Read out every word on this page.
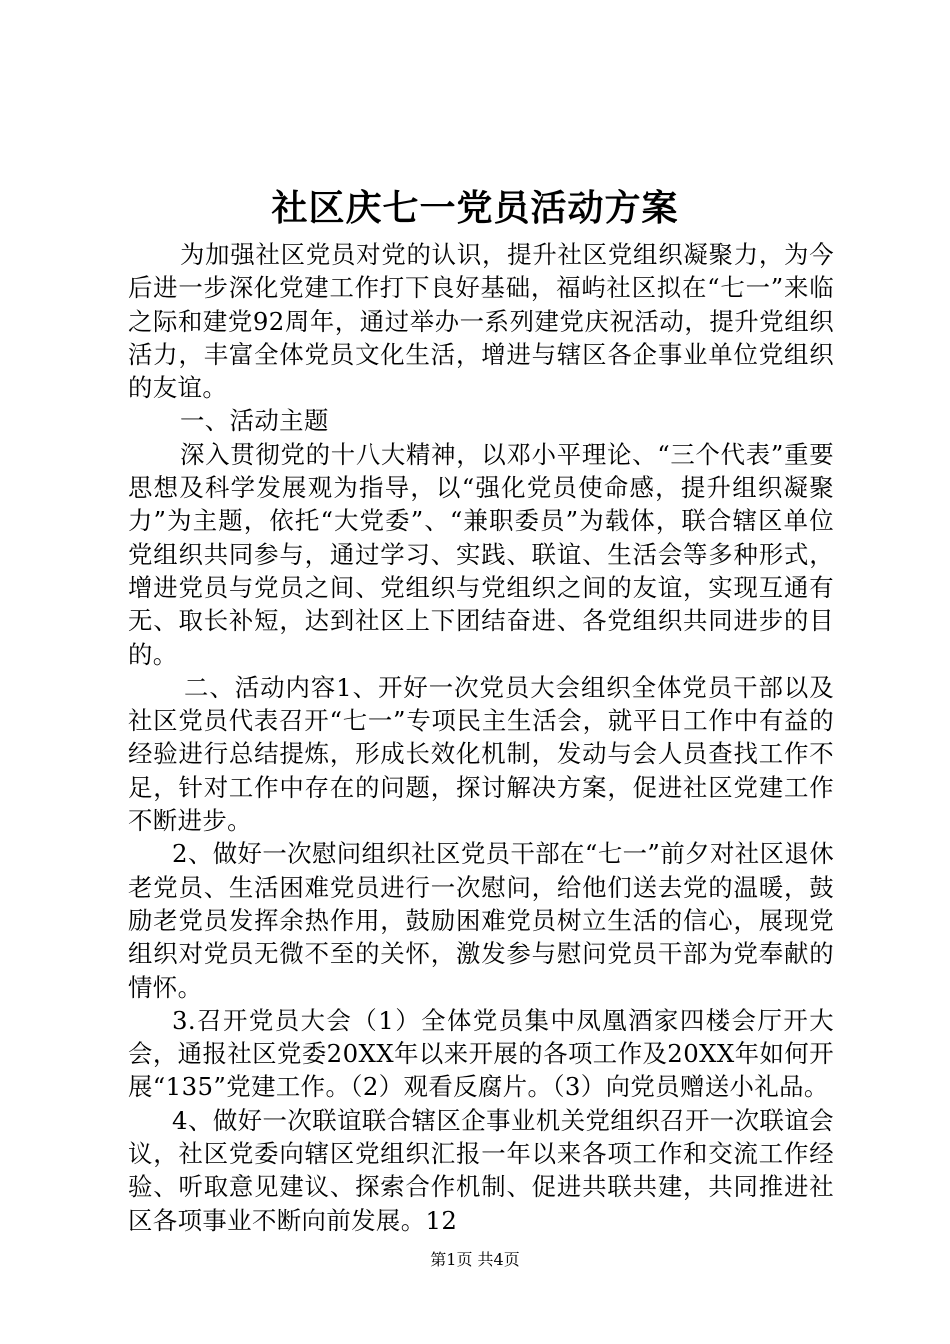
社区庆七一党员活动方案

为加强社区党员对党的认识，提升社区党组织凝聚力，为今后进一步深化党建工作打下良好基础，福屿社区拟在“七一”来临之际和建党92周年，通过举办一系列建党庆祝活动，提升党组织活力，丰富全体党员文化生活，增进与辖区各企事业单位党组织的友谊。

一、活动主题

深入贯彻党的十八大精神，以邓小平理论、“三个代表”重要思想及科学发展观为指导，以“强化党员使命感，提升组织凝聚力”为主题，依托“大党委”、“兼职委员”为载体，联合辖区单位党组织共同参与，通过学习、实践、联谊、生活会等多种形式，增进党员与党员之间、党组织与党组织之间的友谊，实现互通有无、取长补短，达到社区上下团结奋进、各党组织共同进步的目的。

二、活动内容1、开好一次党员大会组织全体党员干部以及社区党员代表召开“七一”专项民主生活会，就平日工作中有益的经验进行总结提炼，形成长效化机制，发动与会人员查找工作不足，针对工作中存在的问题，探讨解决方案，促进社区党建工作不断进步。

2、做好一次慰问组织社区党员干部在“七一”前夕对社区退休老党员、生活困难党员进行一次慰问，给他们送去党的温暖，鼓励老党员发挥余热作用，鼓励困难党员树立生活的信心，展现党组织对党员无微不至的关怀，激发参与慰问党员干部为党奉献的情怀。

3.召开党员大会（1）全体党员集中凤凰酒家四楼会厅开大会，通报社区党委20XX年以来开展的各项工作及20XX年如何开展“135”党建工作。（2）观看反腐片。（3）向党员赠送小礼品。

4、做好一次联谊联合辖区企事业机关党组织召开一次联谊会议，社区党委向辖区党组织汇报一年以来各项工作和交流工作经验、听取意见建议、探索合作机制、促进共联共建，共同推进社区各项事业不断向前发展。12

第1页 共4页
